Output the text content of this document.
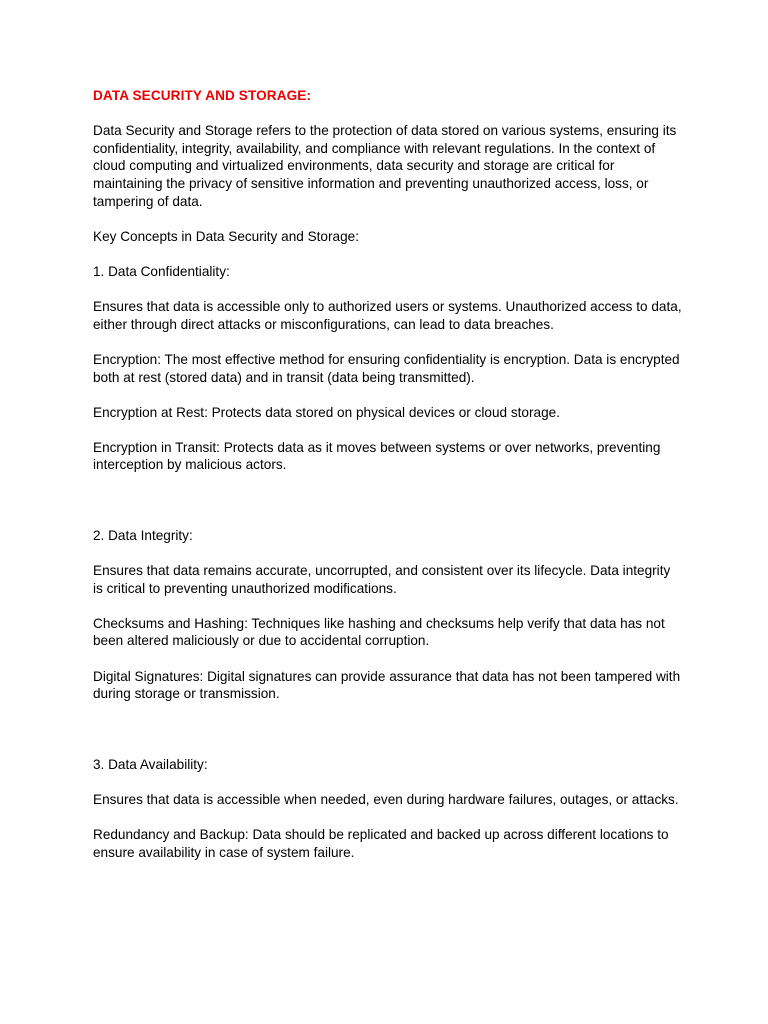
DATA SECURITY AND STORAGE:

Data Security and Storage refers to the protection of data stored on various systems, ensuring its confidentiality, integrity, availability, and compliance with relevant regulations. In the context of cloud computing and virtualized environments, data security and storage are critical for maintaining the privacy of sensitive information and preventing unauthorized access, loss, or tampering of data.

Key Concepts in Data Security and Storage:

1. Data Confidentiality:

Ensures that data is accessible only to authorized users or systems. Unauthorized access to data, either through direct attacks or misconfigurations, can lead to data breaches.

Encryption: The most effective method for ensuring confidentiality is encryption. Data is encrypted both at rest (stored data) and in transit (data being transmitted).

Encryption at Rest: Protects data stored on physical devices or cloud storage.

Encryption in Transit: Protects data as it moves between systems or over networks, preventing interception by malicious actors.

2. Data Integrity:

Ensures that data remains accurate, uncorrupted, and consistent over its lifecycle. Data integrity is critical to preventing unauthorized modifications.

Checksums and Hashing: Techniques like hashing and checksums help verify that data has not been altered maliciously or due to accidental corruption.

Digital Signatures: Digital signatures can provide assurance that data has not been tampered with during storage or transmission.

3. Data Availability:

Ensures that data is accessible when needed, even during hardware failures, outages, or attacks.

Redundancy and Backup: Data should be replicated and backed up across different locations to ensure availability in case of system failure.
